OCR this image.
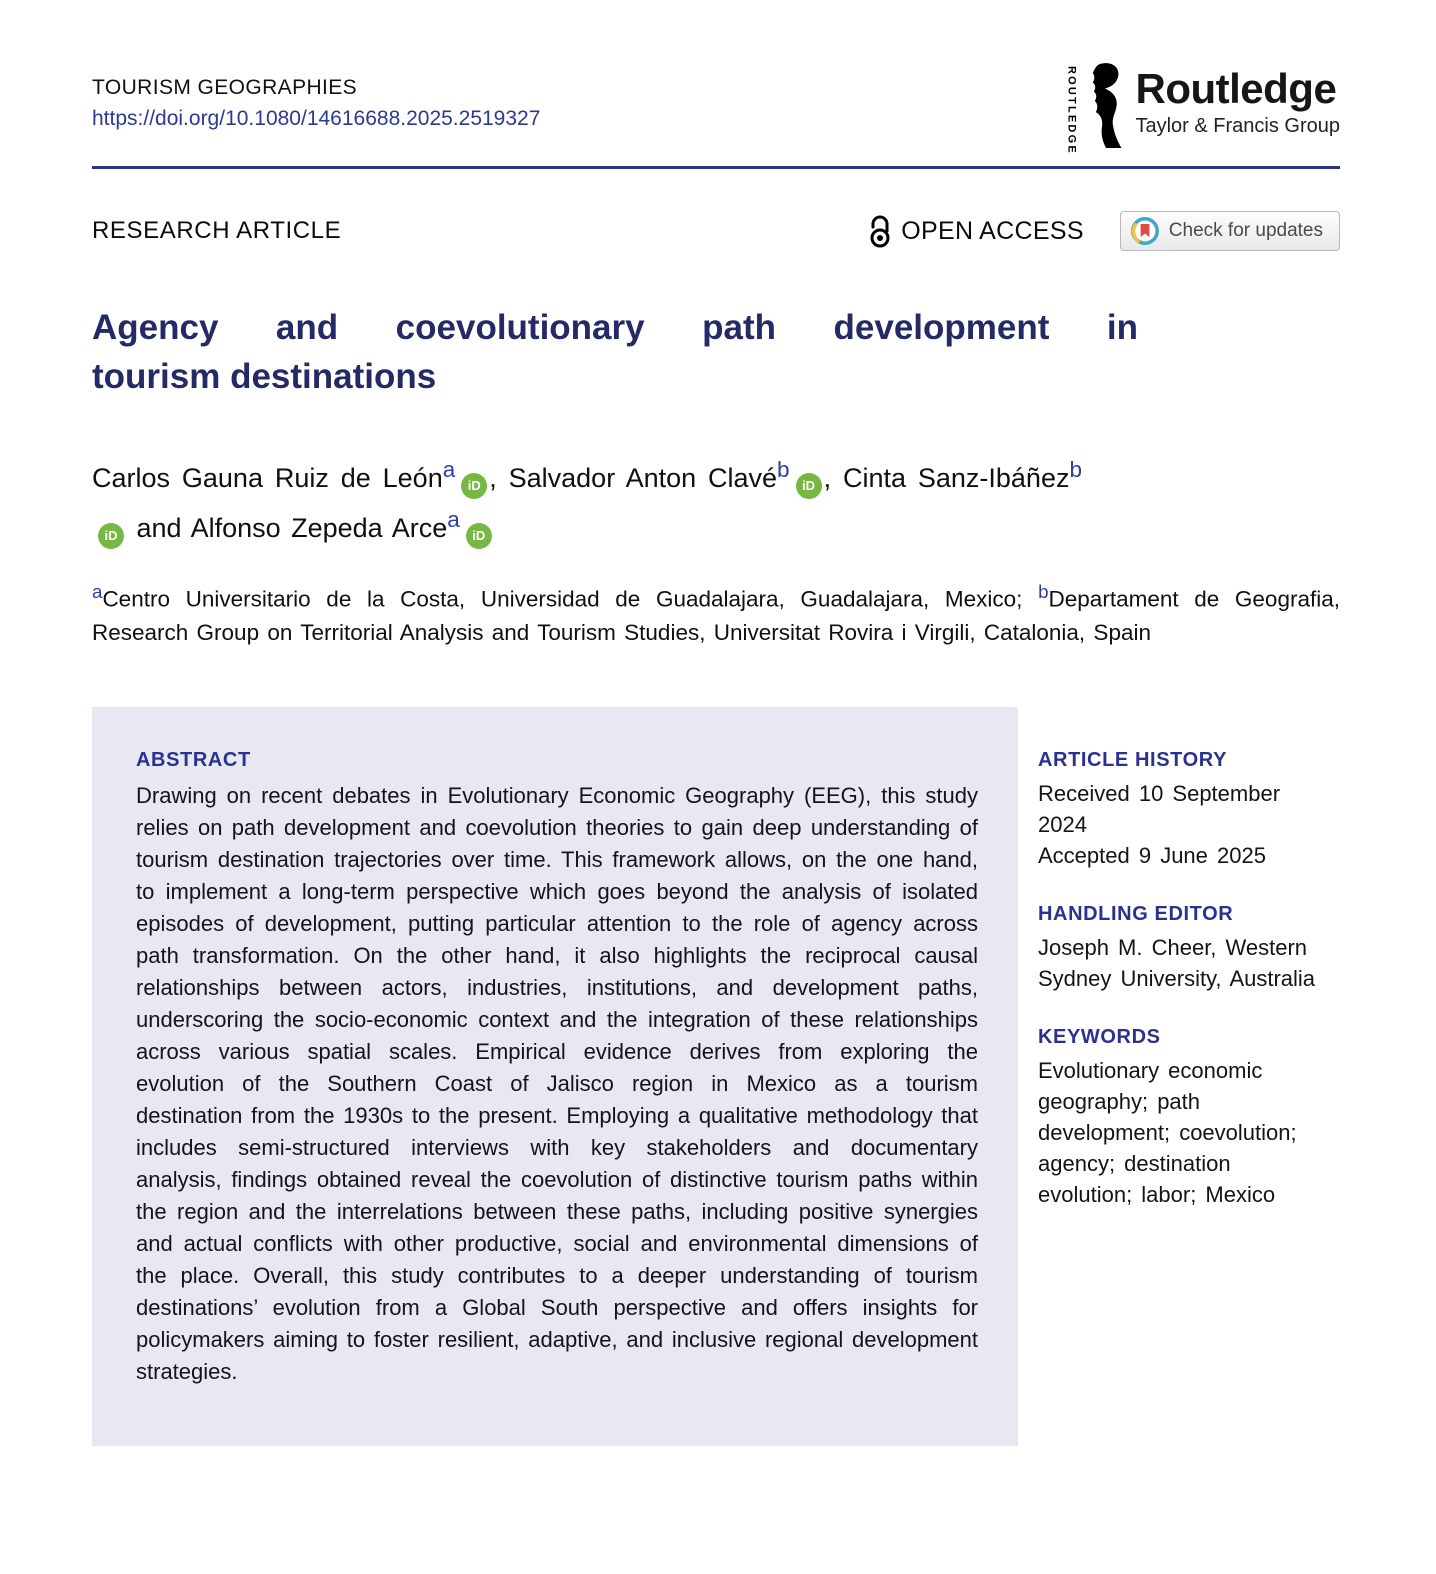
TOURISM GEOGRAPHIES
https://doi.org/10.1080/14616688.2025.2519327	ROUTLEDGE Routledge
Taylor & Francis Group
RESEARCH ARTICLE	OPEN ACCESS	Check for updates
Agency and coevolutionary path development in
tourism destinations

Carlos Gauna Ruiz de León$^a$iD , Salvador Anton Clavé$^b$iD , Cinta Sanz-Ibáñez$^b$iD and Alfonso Zepeda Arce$^a$iD

$^a$Centro Universitario de la Costa, Universidad de Guadalajara, Guadalajara, Mexico; $^b$Departament de Geografia, Research Group on Territorial Analysis and Tourism Studies, Universitat Rovira i Virgili, Catalonia, Spain

ABSTRACT

Drawing on recent debates in Evolutionary Economic Geography (EEG), this study relies on path development and coevolution theories to gain deep understanding of tourism destination trajectories over time. This framework allows, on the one hand, to implement a long-term perspective which goes beyond the analysis of isolated episodes of development, putting particular attention to the role of agency across path transformation. On the other hand, it also highlights the reciprocal causal relationships between actors, industries, institutions, and development paths, underscoring the socio-economic context and the integration of these relationships across various spatial scales. Empirical evidence derives from exploring the evolution of the Southern Coast of Jalisco region in Mexico as a tourism destination from the 1930s to the present. Employing a qualitative methodology that includes semi-structured interviews with key stakeholders and documentary analysis, findings obtained reveal the coevolution of distinctive tourism paths within the region and the interrelations between these paths, including positive synergies and actual conflicts with other productive, social and environmental dimensions of the place. Overall, this study contributes to a deeper understanding of tourism destinations’ evolution from a Global South perspective and offers insights for policymakers aiming to foster resilient, adaptive, and inclusive regional development strategies.

ARTICLE HISTORY
Received 10 September 2024
Accepted 9 June 2025
HANDLING EDITOR
Joseph M. Cheer, Western Sydney University, Australia
KEYWORDS
Evolutionary economic geography; path development; coevolution; agency; destination evolution; labor; Mexico
